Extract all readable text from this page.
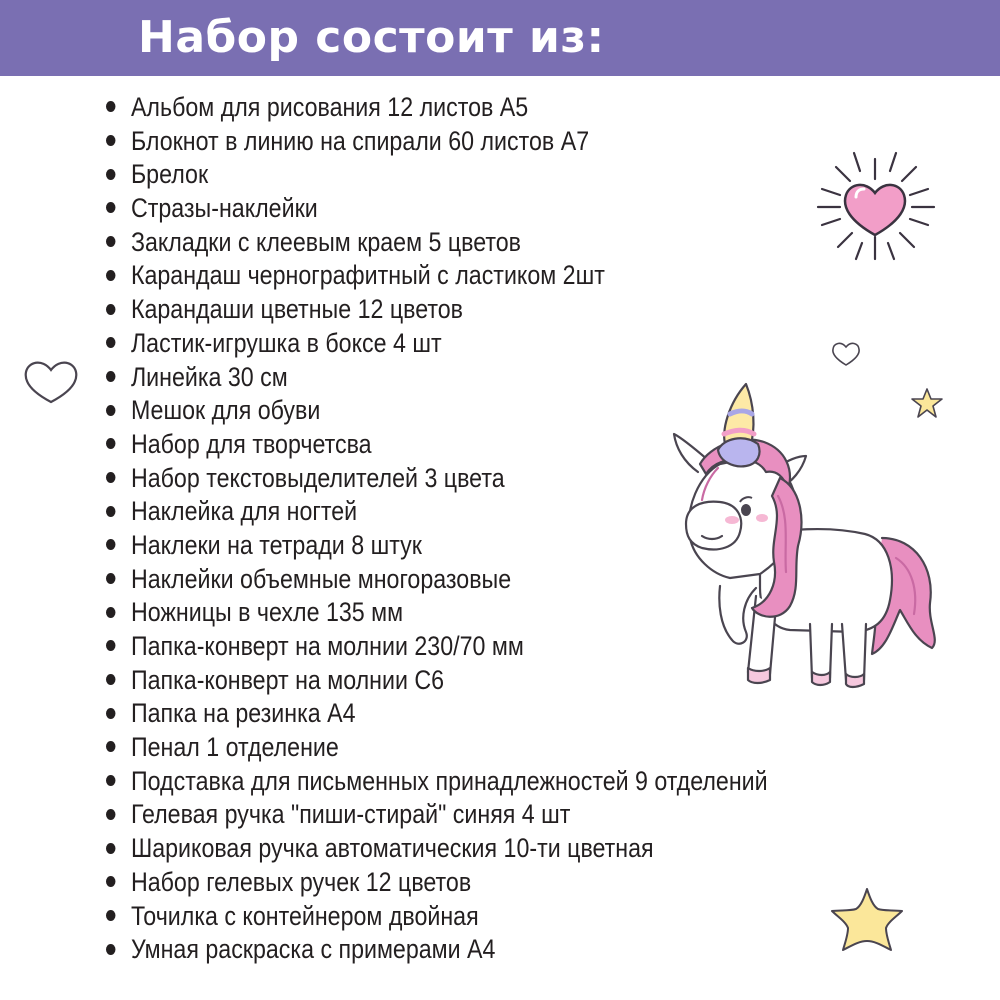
Набор состоит из:
Альбом для рисования 12 листов А5
Блокнот в линию на спирали 60 листов А7
Брелок
Стразы-наклейки
Закладки с клеевым краем 5 цветов
Карандаш чернографитный с ластиком 2шт
Карандаши цветные 12 цветов
Ластик-игрушка в боксе 4 шт
Линейка 30 см
Мешок для обуви
Набор для творчетсва
Набор текстовыделителей 3 цвета
Наклейка для ногтей
Наклеки на тетради 8 штук
Наклейки объемные многоразовые
Ножницы в чехле 135 мм
Папка-конверт на молнии 230/70 мм
Папка-конверт на молнии С6
Папка на резинка А4
Пенал 1 отделение
Подставка для письменных принадлежностей 9 отделений
Гелевая ручка "пиши-стирай" синяя 4 шт
Шариковая ручка автоматическия 10-ти цветная
Набор гелевых ручек 12 цветов
Точилка с контейнером двойная
Умная раскраска с примерами А4
